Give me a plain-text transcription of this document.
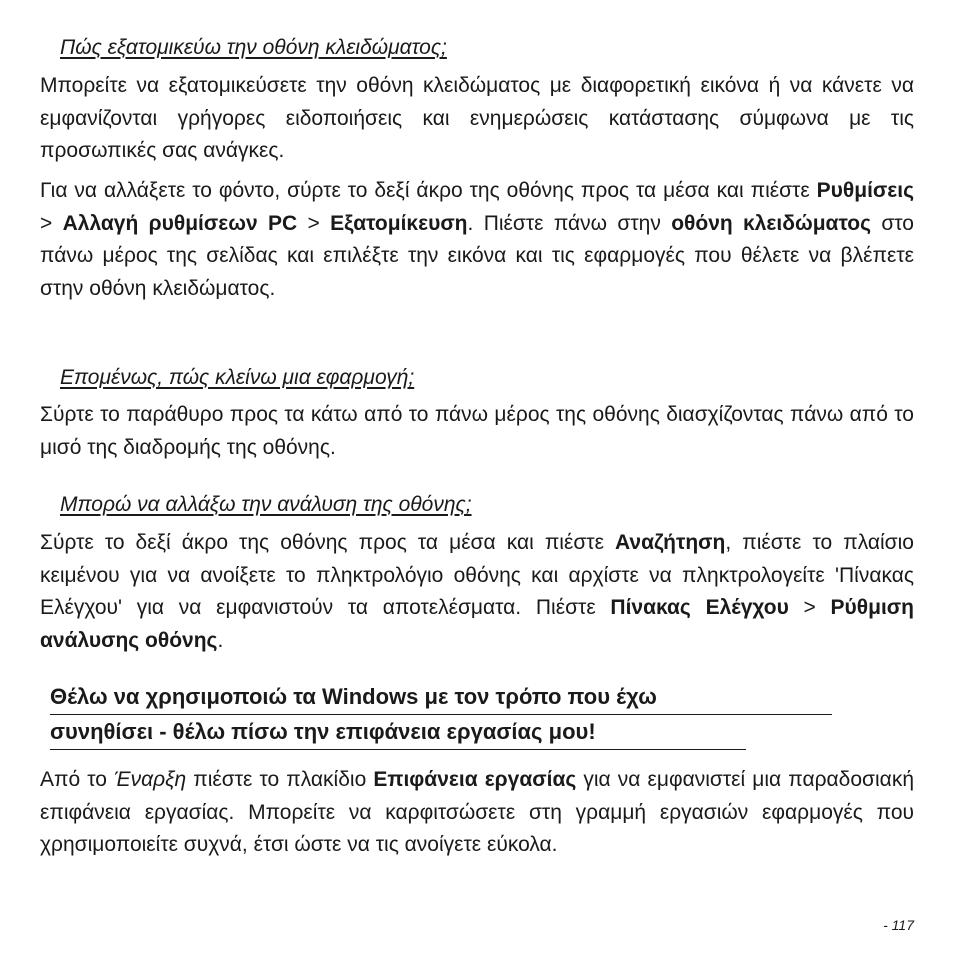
Πώς εξατομικεύω την οθόνη κλειδώματος;

Μπορείτε να εξατομικεύσετε την οθόνη κλειδώματος με διαφορετική εικόνα ή να κάνετε να εμφανίζονται γρήγορες ειδοποιήσεις και ενημερώσεις κατάστασης σύμφωνα με τις προσωπικές σας ανάγκες.

Για να αλλάξετε το φόντο, σύρτε το δεξί άκρο της οθόνης προς τα μέσα και πιέστε Ρυθμίσεις > Αλλαγή ρυθμίσεων PC > Εξατομίκευση. Πιέστε πάνω στην οθόνη κλειδώματος στο πάνω μέρος της σελίδας και επιλέξτε την εικόνα και τις εφαρμογές που θέλετε να βλέπετε στην οθόνη κλειδώματος.

Επομένως, πώς κλείνω μια εφαρμογή;

Σύρτε το παράθυρο προς τα κάτω από το πάνω μέρος της οθόνης διασχίζοντας πάνω από το μισό της διαδρομής της οθόνης.

Μπορώ να αλλάξω την ανάλυση της οθόνης;

Σύρτε το δεξί άκρο της οθόνης προς τα μέσα και πιέστε Αναζήτηση, πιέστε το πλαίσιο κειμένου για να ανοίξετε το πληκτρολόγιο οθόνης και αρχίστε να πληκτρολογείτε 'Πίνακας Ελέγχου' για να εμφανιστούν τα αποτελέσματα. Πιέστε Πίνακας Ελέγχου > Ρύθμιση ανάλυσης οθόνης.

Θέλω να χρησιμοποιώ τα Windows με τον τρόπο που έχω
συνηθίσει - θέλω πίσω την επιφάνεια εργασίας μου!

Από το Έναρξη πιέστε το πλακίδιο Επιφάνεια εργασίας για να εμφανιστεί μια παραδοσιακή επιφάνεια εργασίας. Μπορείτε να καρφιτσώσετε στη γραμμή εργασιών εφαρμογές που χρησιμοποιείτε συχνά, έτσι ώστε να τις ανοίγετε εύκολα.

- 117
